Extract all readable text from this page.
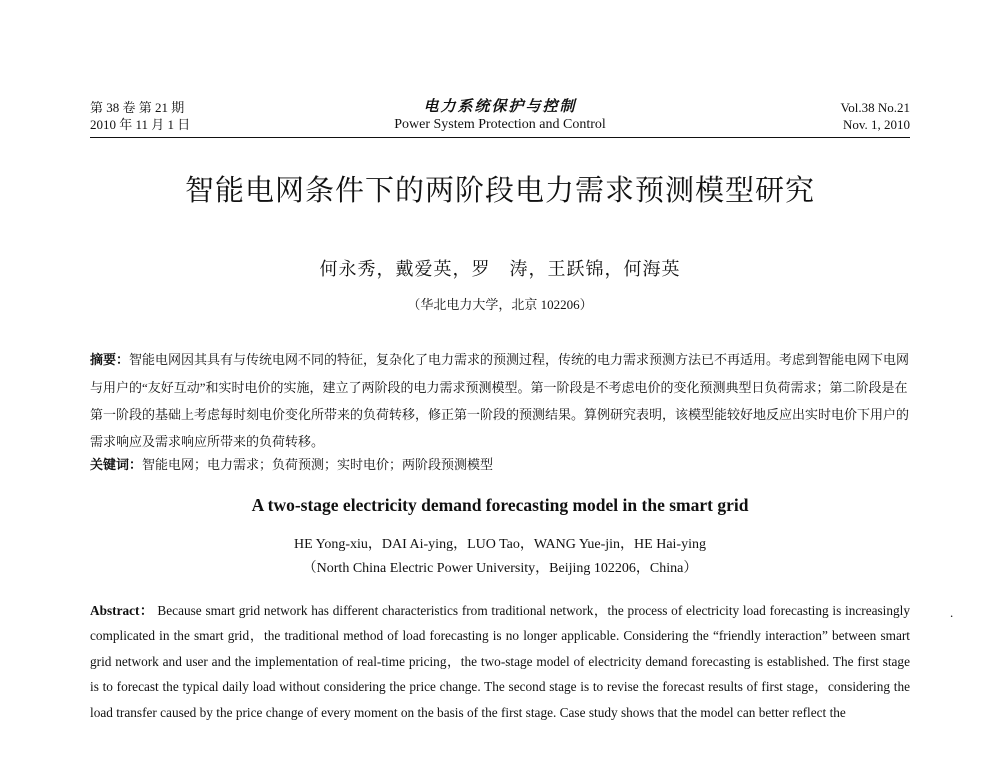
第 38 卷 第 21 期
2010 年 11 月 1 日
电力系统保护与控制
Power System Protection and Control
Vol.38 No.21
Nov. 1, 2010
智能电网条件下的两阶段电力需求预测模型研究
何永秀，戴爱英，罗　涛，王跃锦，何海英
（华北电力大学，北京 102206）
摘要：智能电网因其具有与传统电网不同的特征，复杂化了电力需求的预测过程，传统的电力需求预测方法已不再适用。考虑到智能电网下电网与用户的“友好互动”和实时电价的实施，建立了两阶段的电力需求预测模型。第一阶段是不考虑电价的变化预测典型日负荷需求；第二阶段是在第一阶段的基础上考虑每时刻电价变化所带来的负荷转移，修正第一阶段的预测结果。算例研究表明，该模型能较好地反应出实时电价下用户的需求响应及需求响应所带来的负荷转移。
关键词：智能电网；电力需求；负荷预测；实时电价；两阶段预测模型
A two-stage electricity demand forecasting model in the smart grid
HE Yong-xiu，DAI Ai-ying，LUO Tao，WANG Yue-jin，HE Hai-ying
（North China Electric Power University，Beijing 102206，China）
Abstract： Because smart grid network has different characteristics from traditional network，the process of electricity load forecasting is increasingly complicated in the smart grid，the traditional method of load forecasting is no longer applicable. Considering the “friendly interaction” between smart grid network and user and the implementation of real-time pricing，the two-stage model of electricity demand forecasting is established. The first stage is to forecast the typical daily load without considering the price change. The second stage is to revise the forecast results of first stage，considering the load transfer caused by the price change of every moment on the basis of the first stage. Case study shows that the model can better reflect the
.
